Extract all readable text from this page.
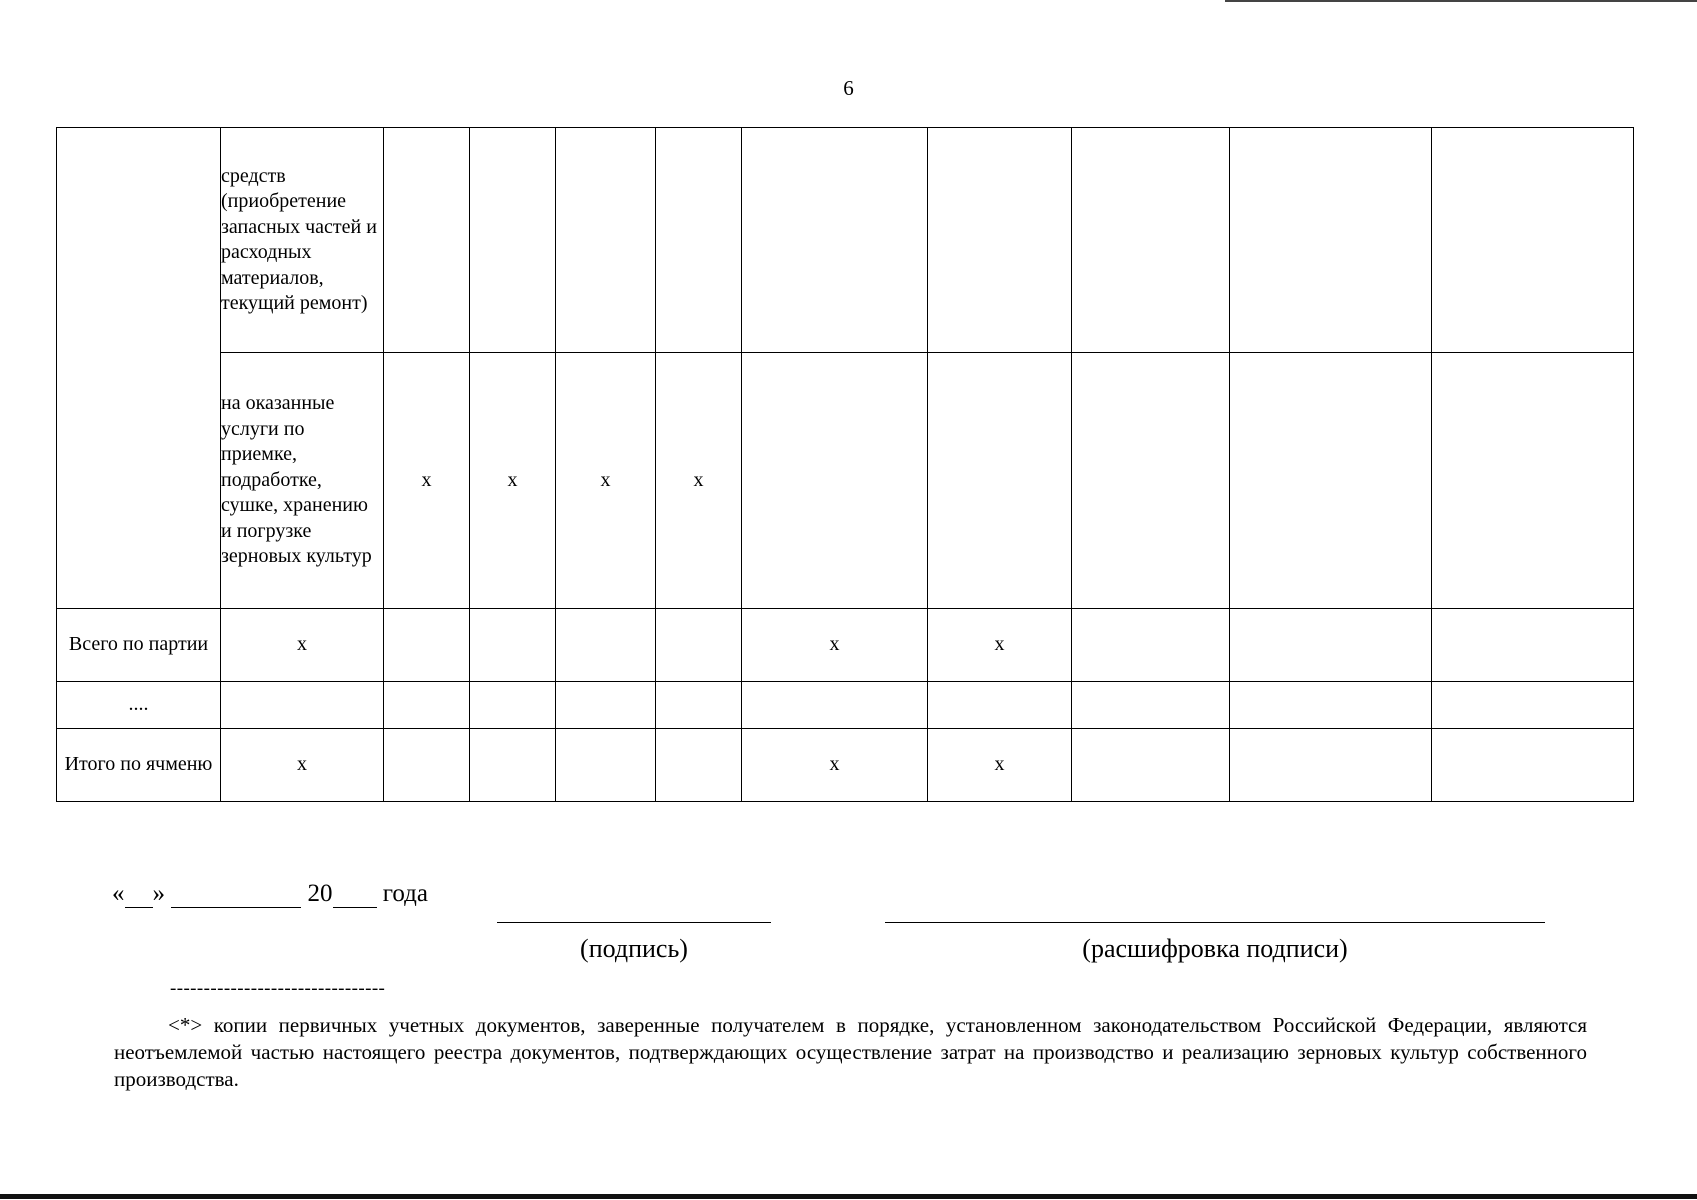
6
	средств (приобретение запасных частей и расходных материалов, текущий ремонт)									
	на оказанные услуги по приемке, подработке, сушке, хранению и погрузке зерновых культур	x	x	x	x					
Всего по партии	x					x	x			
....										
Итого по ячменю	x					x	x			
« »	20 года
(подпись)	(расшифровка подписи)
--------------------------------
<*> копии первичных учетных документов, заверенные получателем в порядке, установленном законодательством Российской Федерации, являются неотъемлемой частью настоящего реестра документов, подтверждающих осуществление затрат на производство и реализацию зерновых культур собственного производства.
